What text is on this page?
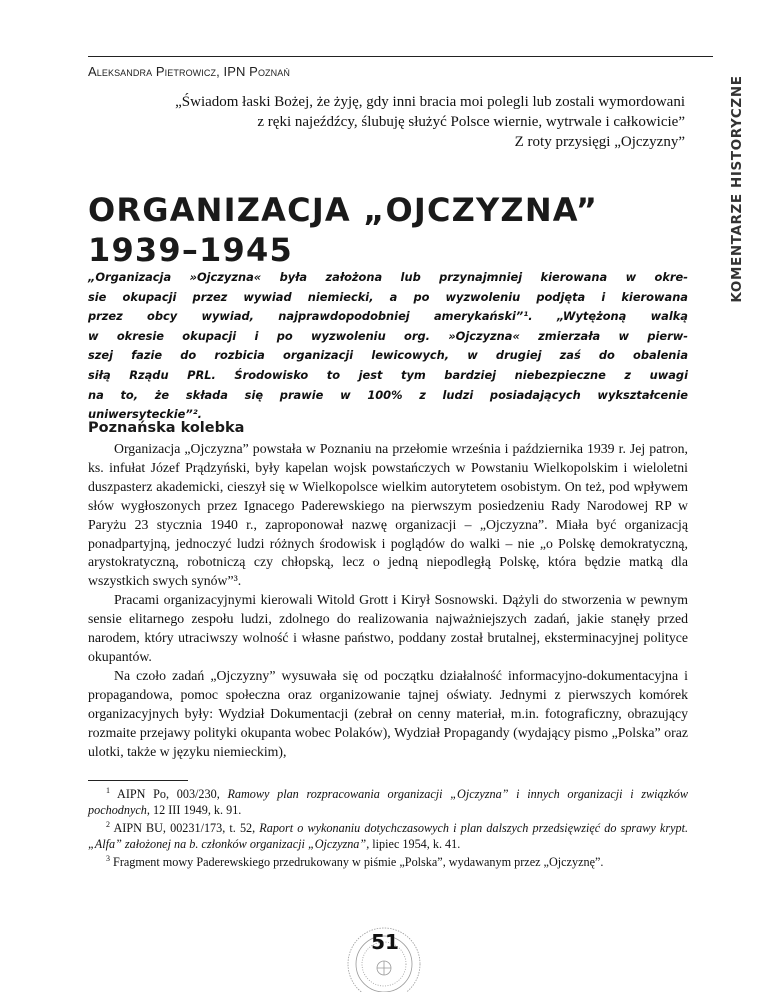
Aleksandra Pietrowicz, IPN Poznań
KOMENTARZE HISTORYCZNE
„Świadom łaski Bożej, że żyję, gdy inni bracia moi polegli lub zostali wymordowani
z ręki najeźdźcy, ślubuję służyć Polsce wiernie, wytrwale i całkowicie”
Z roty przysięgi „Ojczyzny”
ORGANIZACJA „OJCZYZNA”
1939–1945
„Organizacja »Ojczyzna« była założona lub przynajmniej kierowana w okre-
sie okupacji przez wywiad niemiecki, a po wyzwoleniu podjęta i kierowana
przez obcy wywiad, najprawdopodobniej amerykański”¹. „Wytężoną walką
w okresie okupacji i po wyzwoleniu org. »Ojczyzna« zmierzała w pierw-
szej fazie do rozbicia organizacji lewicowych, w drugiej zaś do obalenia
siłą Rządu PRL. Środowisko to jest tym bardziej niebezpieczne z uwagi
na to, że składa się prawie w 100% z ludzi posiadających wykształcenie
uniwersyteckie”².
Poznańska kolebka

Organizacja „Ojczyzna” powstała w Poznaniu na przełomie września i października 1939 r. Jej patron, ks. infułat Józef Prądzyński, były kapelan wojsk powstańczych w Powstaniu Wielkopolskim i wieloletni duszpasterz akademicki, cieszył się w Wielkopolsce wielkim autorytetem osobistym. On też, pod wpływem słów wygłoszonych przez Ignacego Paderewskiego na pierwszym posiedzeniu Rady Narodowej RP w Paryżu 23 stycznia 1940 r., zaproponował nazwę organizacji – „Ojczyzna”. Miała być organizacją ponadpartyjną, jednoczyć ludzi różnych środowisk i poglądów do walki – nie „o Polskę demokratyczną, arystokratyczną, robotniczą czy chłopską, lecz o jedną niepodległą Polskę, która będzie matką dla wszystkich swych synów”³.

Pracami organizacyjnymi kierowali Witold Grott i Kirył Sosnowski. Dążyli do stworzenia w pewnym sensie elitarnego zespołu ludzi, zdolnego do realizowania najważniejszych zadań, jakie stanęły przed narodem, który utraciwszy wolność i własne państwo, poddany został brutalnej, eksterminacyjnej polityce okupantów.

Na czoło zadań „Ojczyzny” wysuwała się od początku działalność informacyjno-dokumentacyjna i propagandowa, pomoc społeczna oraz organizowanie tajnej oświaty. Jednymi z pierwszych komórek organizacyjnych były: Wydział Dokumentacji (zebrał on cenny materiał, m.in. fotograficzny, obrazujący rozmaite przejawy polityki okupanta wobec Polaków), Wydział Propagandy (wydający pismo „Polska” oraz ulotki, także w języku niemieckim),

$^1$ AIPN Po, 003/230, Ramowy plan rozpracowania organizacji „Ojczyzna” i innych organizacji i związków pochodnych, 12 III 1949, k. 91.

$^2$ AIPN BU, 00231/173, t. 52, Raport o wykonaniu dotychczasowych i plan dalszych przedsięwzięć do sprawy krypt. „Alfa” założonej na b. członków organizacji „Ojczyzna”, lipiec 1954, k. 41.

$^3$ Fragment mowy Paderewskiego przedrukowany w piśmie „Polska”, wydawanym przez „Ojczyznę”.

51
